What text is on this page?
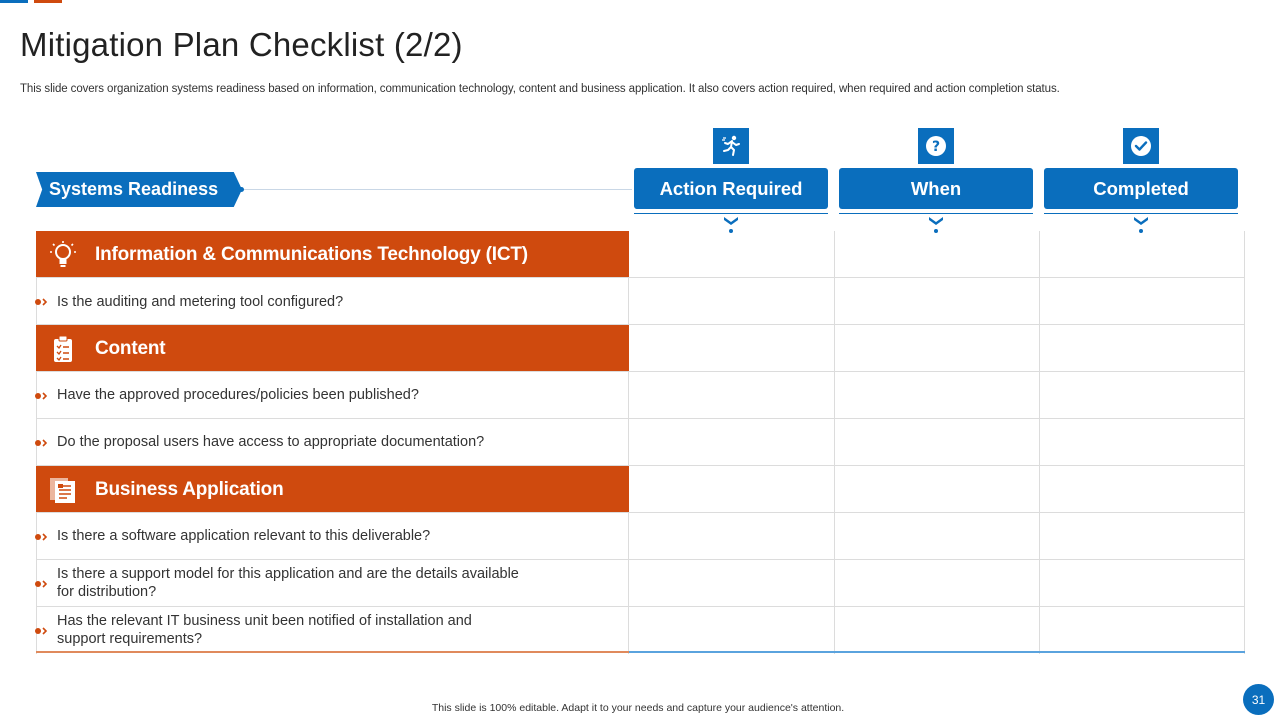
Mitigation Plan Checklist (2/2)
This slide covers organization systems readiness based on information, communication technology, content and business application. It also covers action required, when required and action completion status.
Systems Readiness
?
Action Required	When	Completed
Information & Communications Technology (ICT)
Is the auditing and metering tool configured?
Content
Have the approved procedures/policies been published?
Do the proposal users have access to appropriate documentation?
Business Application
Is there a software application relevant to this deliverable?
Is there a support model for this application and are the details available
for distribution?
Has the relevant IT business unit been notified of installation and
support requirements?
This slide is 100% editable. Adapt it to your needs and capture your audience's attention.
31
